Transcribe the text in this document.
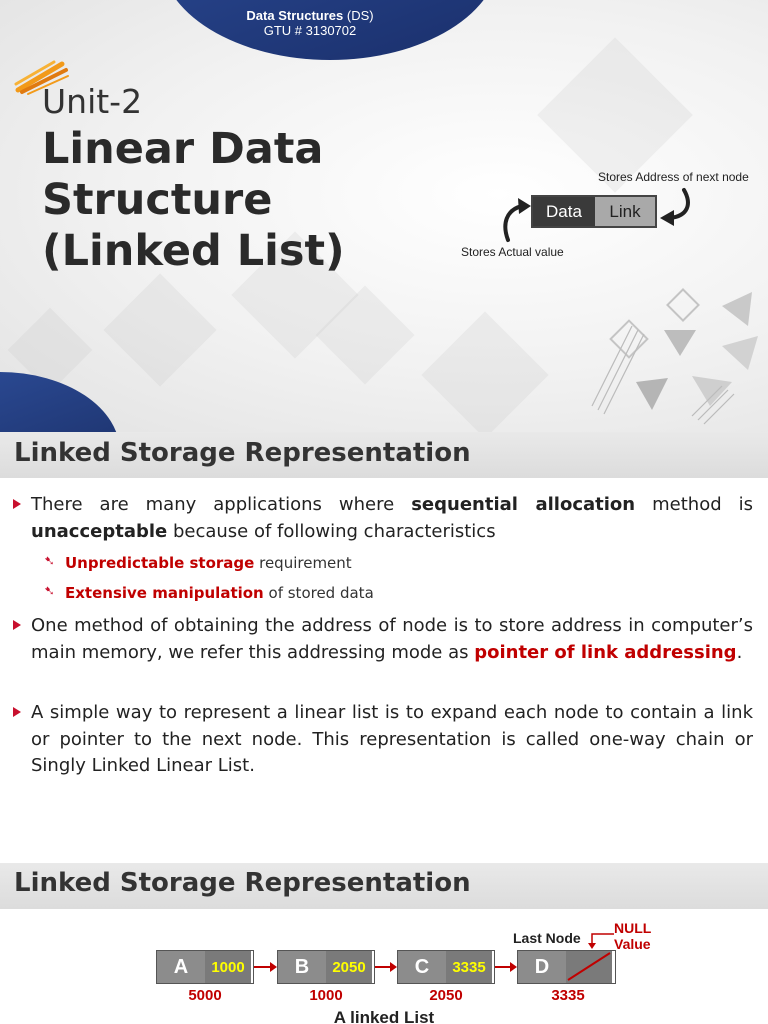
Data Structures (DS)
GTU # 3130702
Unit-2
Linear Data
Structure
(Linked List)
Stores Address of next node
Data	Link
Stores Actual value
Linked Storage Representation
There are many applications where sequential allocation method is unacceptable because of following characteristics
➷ Unpredictable storage requirement
➷ Extensive manipulation of stored data
One method of obtaining the address of node is to store address in computer’s main memory, we refer this addressing mode as pointer of link addressing.
A simple way to represent a linear list is to expand each node to contain a link or pointer to the next node. This representation is called one-way chain or Singly Linked Linear List.
Linked Storage Representation
A	1000	B	2050	C	3335	D
5000	1000	2050	3335
Last Node
NULL
Value
A linked List
